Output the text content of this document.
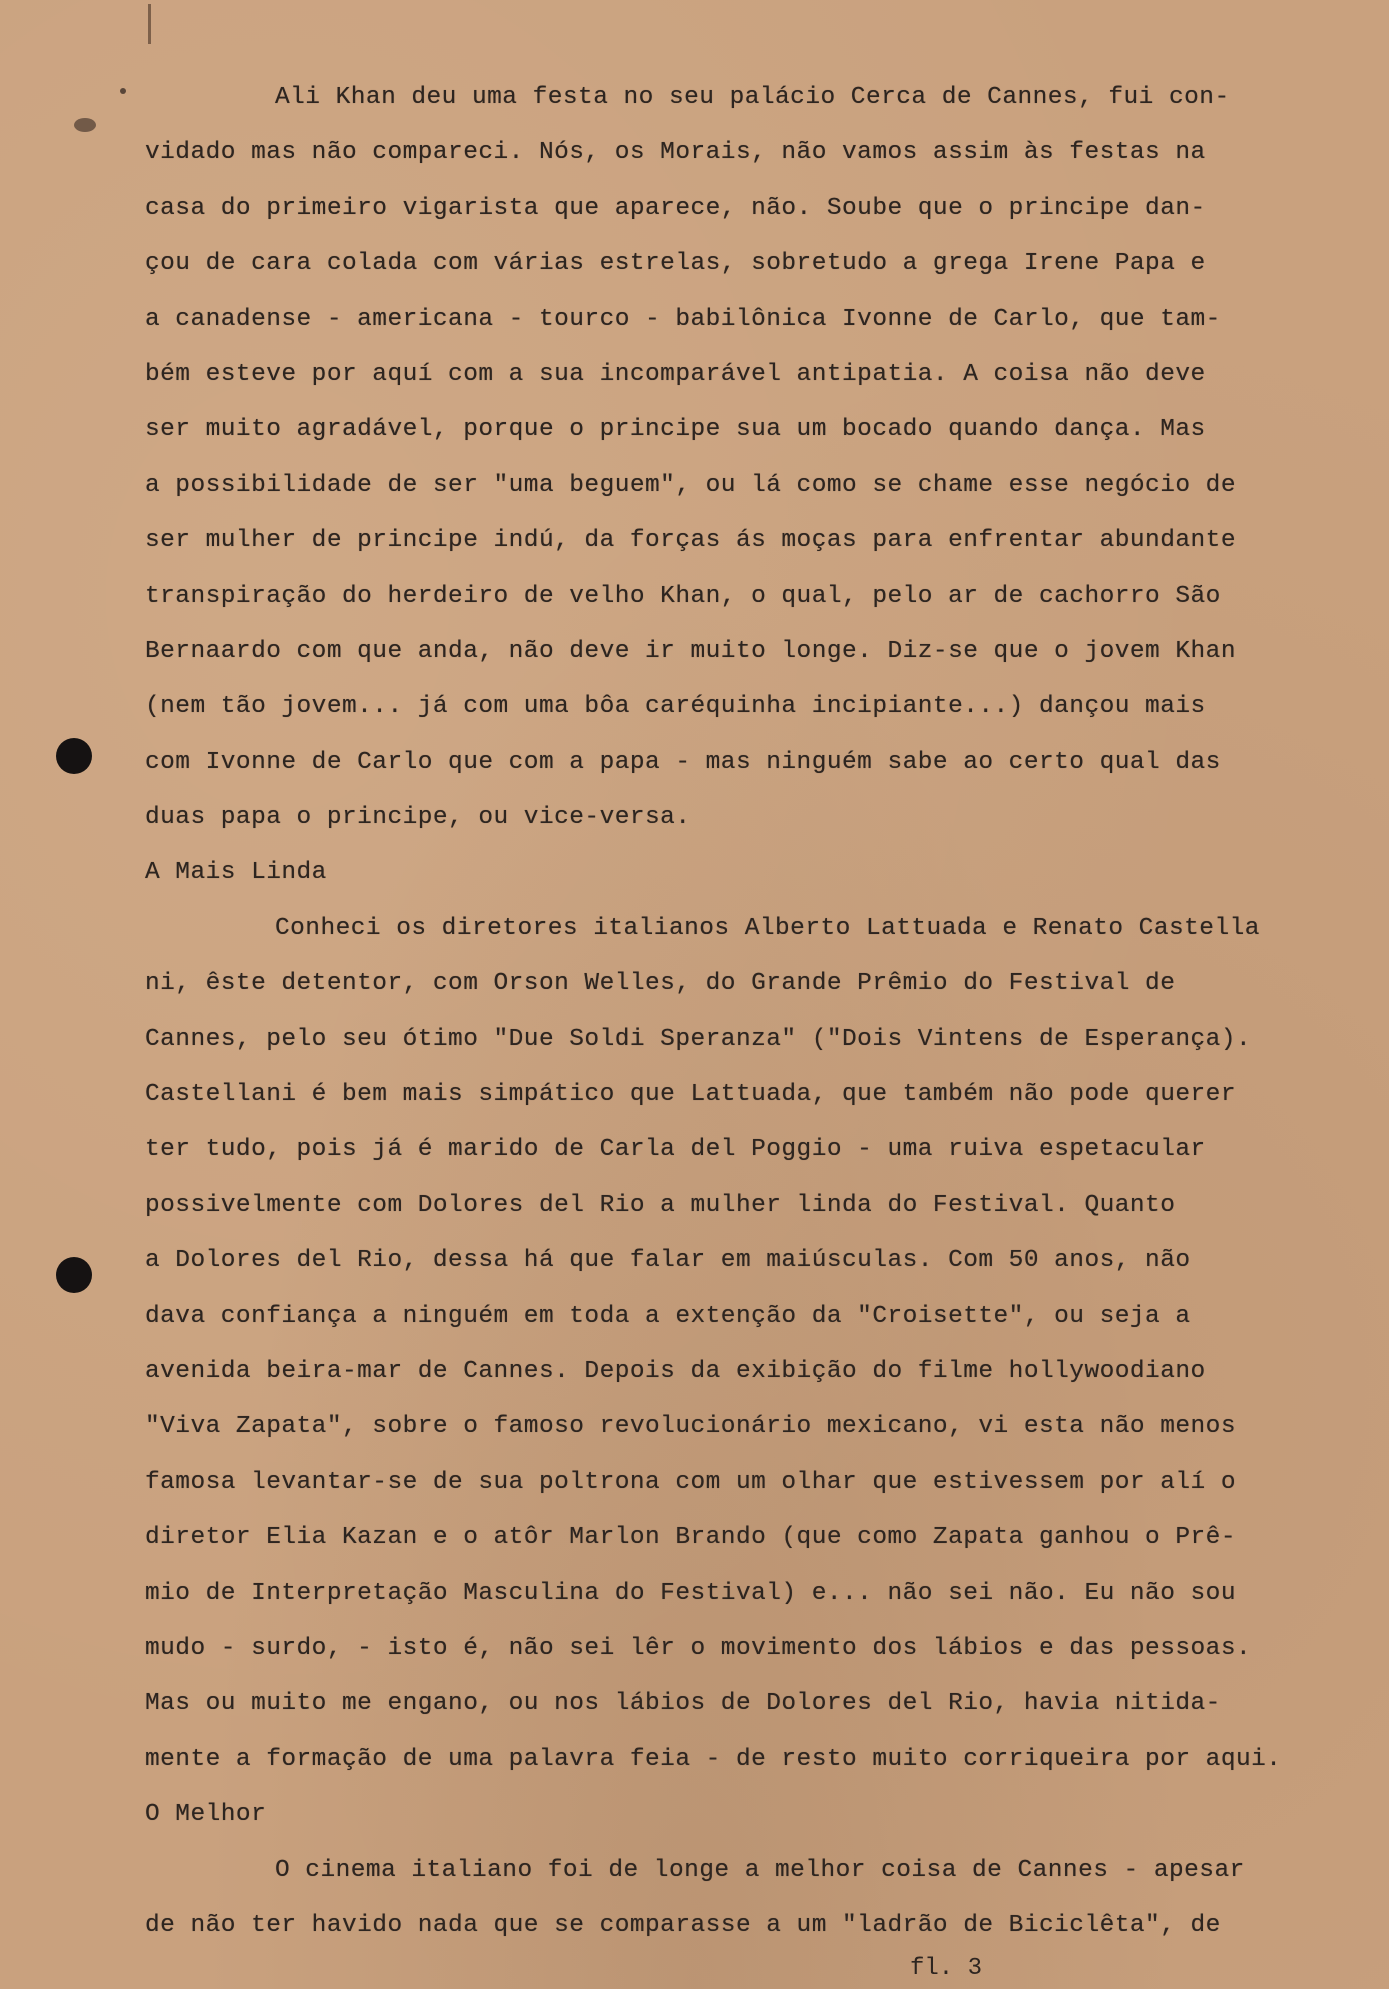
Ali Khan deu uma festa no seu palácio Cerca de Cannes, fui con-
vidado mas não compareci. Nós, os Morais, não vamos assim às festas na
casa do primeiro vigarista que aparece, não. Soube que o principe dan-
çou de cara colada com várias estrelas, sobretudo a grega Irene Papa e
a canadense - americana - tourco - babilônica Ivonne de Carlo, que tam-
bém esteve por aquí com a sua incomparável antipatia. A coisa não deve
ser muito agradável, porque o principe sua um bocado quando dança. Mas
a possibilidade de ser "uma beguem", ou lá como se chame esse negócio de
ser mulher de principe indú, da forças ás moças para enfrentar abundante
transpiração do herdeiro de velho Khan, o qual, pelo ar de cachorro São
Bernaardo com que anda, não deve ir muito longe. Diz-se que o jovem Khan
(nem tão jovem... já com uma bôa caréquinha incipiante...) dançou mais
com Ivonne de Carlo que com a papa - mas ninguém sabe ao certo qual das
duas papa o principe, ou vice-versa.
A Mais Linda
Conheci os diretores italianos Alberto Lattuada e Renato Castella
ni, êste detentor, com Orson Welles, do Grande Prêmio do Festival de
Cannes, pelo seu ótimo "Due Soldi Speranza" ("Dois Vintens de Esperança).
Castellani é bem mais simpático que Lattuada, que também não pode querer
ter tudo, pois já é marido de Carla del Poggio - uma ruiva espetacular
possivelmente com Dolores del Rio a mulher linda do Festival. Quanto
a Dolores del Rio, dessa há que falar em maiúsculas. Com 50 anos, não
dava confiança a ninguém em toda a extenção da "Croisette", ou seja a
avenida beira-mar de Cannes. Depois da exibição do filme hollywoodiano
"Viva Zapata", sobre o famoso revolucionário mexicano, vi esta não menos
famosa levantar-se de sua poltrona com um olhar que estivessem por alí o
diretor Elia Kazan e o atôr Marlon Brando (que como Zapata ganhou o Prê-
mio de Interpretação Masculina do Festival) e... não sei não. Eu não sou
mudo - surdo, - isto é, não sei lêr o movimento dos lábios e das pessoas.
Mas ou muito me engano, ou nos lábios de Dolores del Rio, havia nitida-
mente a formação de uma palavra feia - de resto muito corriqueira por aqui.
O Melhor
O cinema italiano foi de longe a melhor coisa de Cannes - apesar
de não ter havido nada que se comparasse a um "ladrão de Biciclêta", de
fl. 3
